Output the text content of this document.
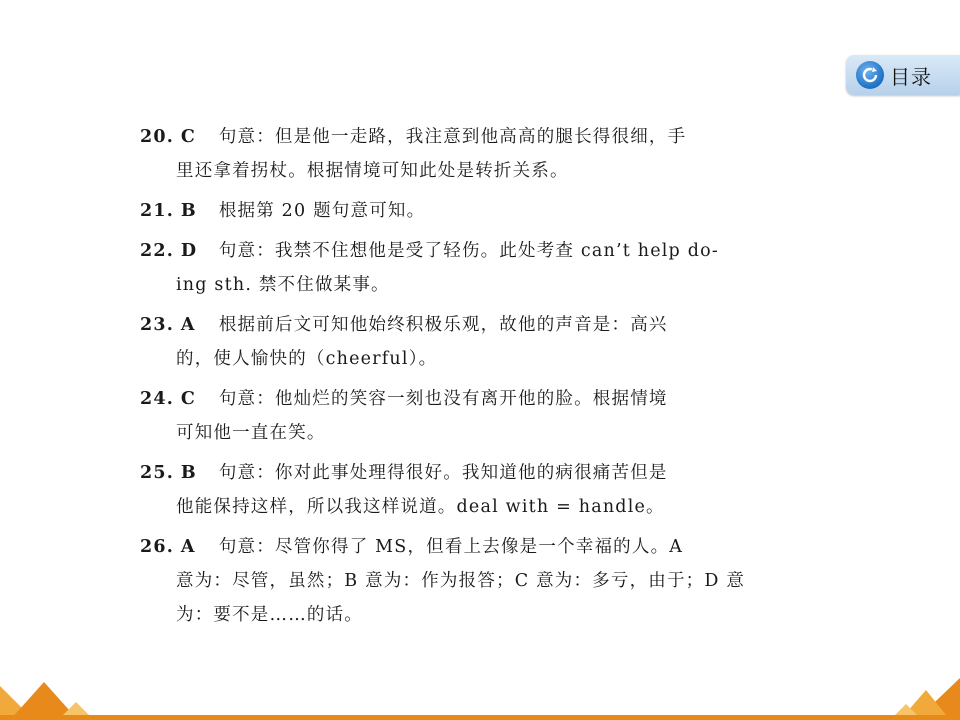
目录
20. C 句意：但是他一走路，我注意到他高高的腿长得很细，手
里还拿着拐杖。根据情境可知此处是转折关系。
21. B 根据第 20 题句意可知。
22. D 句意：我禁不住想他是受了轻伤。此处考查 can’t help do-
ing sth. 禁不住做某事。
23. A 根据前后文可知他始终积极乐观，故他的声音是：高兴
的，使人愉快的（cheerful）。
24. C 句意：他灿烂的笑容一刻也没有离开他的脸。根据情境
可知他一直在笑。
25. B 句意：你对此事处理得很好。我知道他的病很痛苦但是
他能保持这样，所以我这样说道。deal with = handle。
26. A 句意：尽管你得了 MS，但看上去像是一个幸福的人。A
意为：尽管，虽然；B 意为：作为报答；C 意为：多亏，由于；D 意
为：要不是……的话。
